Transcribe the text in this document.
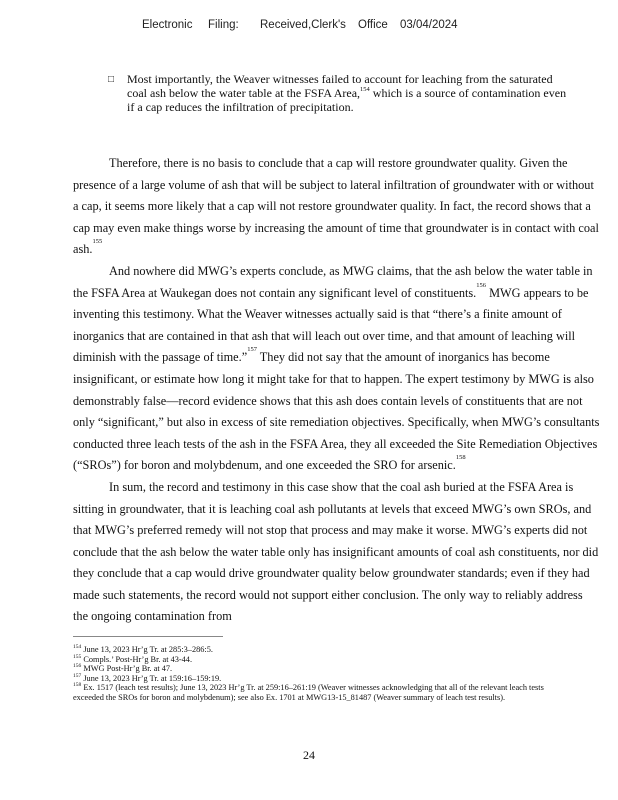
Electronic Filing: Received,Clerk's Office 03/04/2024
□ Most importantly, the Weaver witnesses failed to account for leaching from the saturated coal ash below the water table at the FSFA Area,$^{154}$ which is a source of contamination even if a cap reduces the infiltration of precipitation.

Therefore, there is no basis to conclude that a cap will restore groundwater quality. Given the presence of a large volume of ash that will be subject to lateral infiltration of groundwater with or without a cap, it seems more likely that a cap will not restore groundwater quality. In fact, the record shows that a cap may even make things worse by increasing the amount of time that groundwater is in contact with coal ash.$^{155}$

And nowhere did MWG’s experts conclude, as MWG claims, that the ash below the water table in the FSFA Area at Waukegan does not contain any significant level of constituents.$^{156}$ MWG appears to be inventing this testimony. What the Weaver witnesses actually said is that “there’s a finite amount of inorganics that are contained in that ash that will leach out over time, and that amount of leaching will diminish with the passage of time.”$^{157}$ They did not say that the amount of inorganics has become insignificant, or estimate how long it might take for that to happen. The expert testimony by MWG is also demonstrably false—record evidence shows that this ash does contain levels of constituents that are not only “significant,” but also in excess of site remediation objectives. Specifically, when MWG’s consultants conducted three leach tests of the ash in the FSFA Area, they all exceeded the Site Remediation Objectives (“SROs”) for boron and molybdenum, and one exceeded the SRO for arsenic.$^{158}$

In sum, the record and testimony in this case show that the coal ash buried at the FSFA Area is sitting in groundwater, that it is leaching coal ash pollutants at levels that exceed MWG’s own SROs, and that MWG’s preferred remedy will not stop that process and may make it worse. MWG’s experts did not conclude that the ash below the water table only has insignificant amounts of coal ash constituents, nor did they conclude that a cap would drive groundwater quality below groundwater standards; even if they had made such statements, the record would not support either conclusion. The only way to reliably address the ongoing contamination from

$^{154}$ June 13, 2023 Hr’g Tr. at 285:3–286:5.
$^{155}$ Compls.’ Post-Hr’g Br. at 43-44.
$^{156}$ MWG Post-Hr’g Br. at 47.
$^{157}$ June 13, 2023 Hr’g Tr. at 159:16–159:19.
$^{158}$ Ex. 1517 (leach test results); June 13, 2023 Hr’g Tr. at 259:16–261:19 (Weaver witnesses acknowledging that all of the relevant leach tests exceeded the SROs for boron and molybdenum); see also Ex. 1701 at MWG13-15_81487 (Weaver summary of leach test results).
24
